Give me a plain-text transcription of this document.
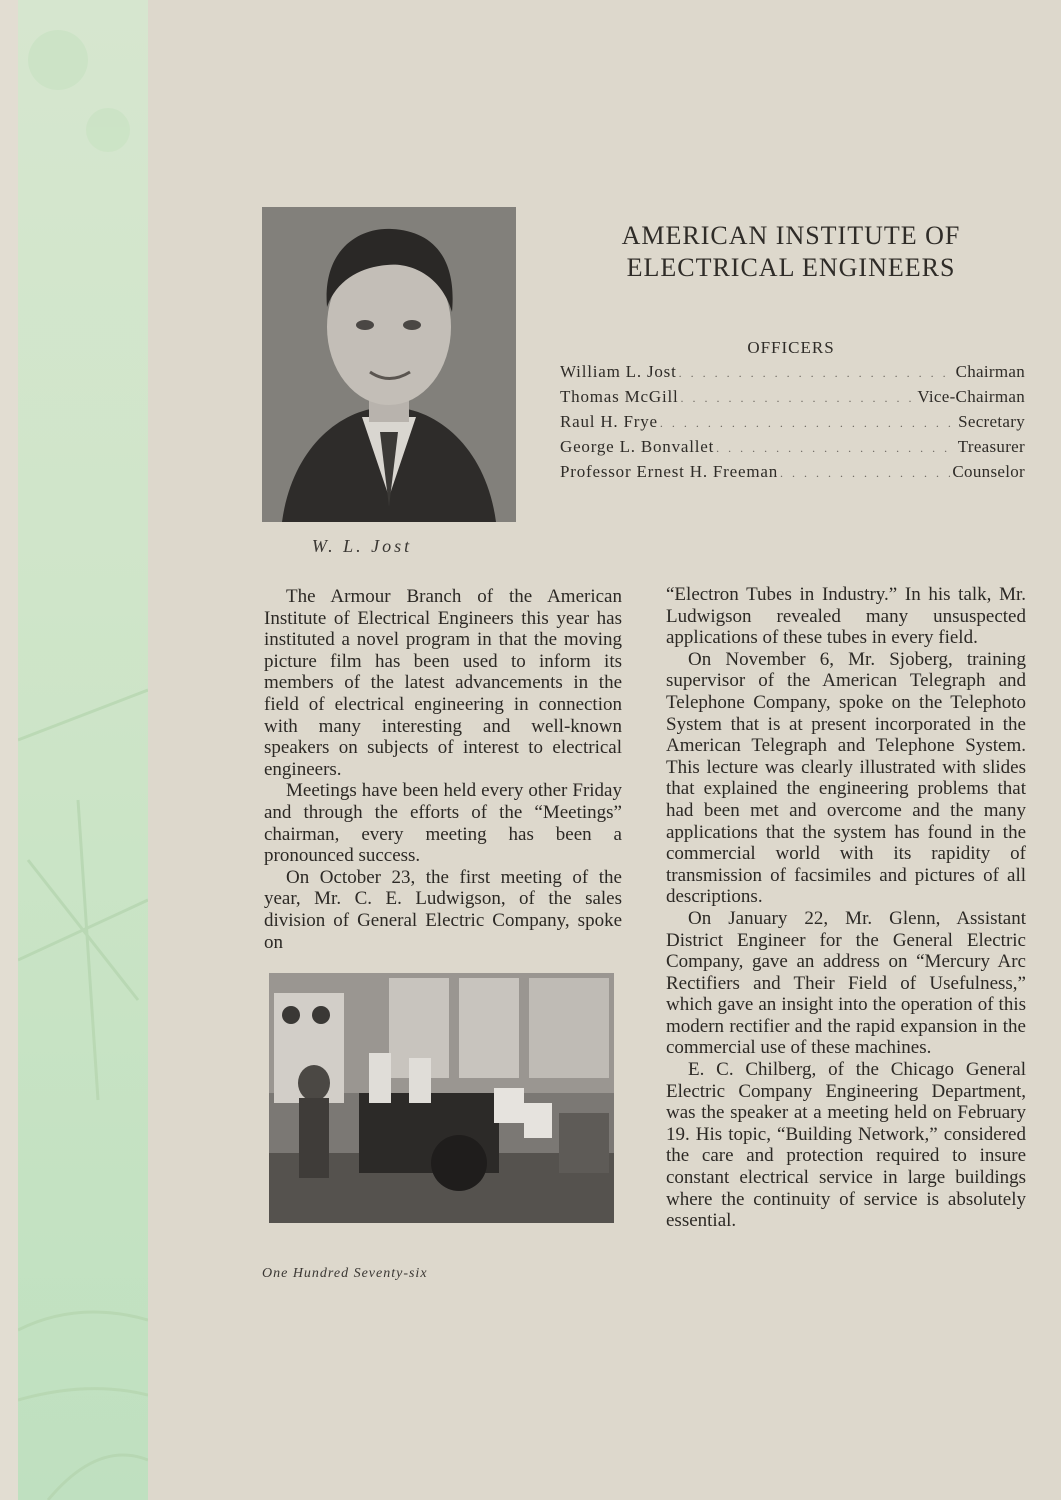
W. L. Jost
AMERICAN INSTITUTE OF
ELECTRICAL ENGINEERS
OFFICERS
William L. Jost . . .	Chairman
Thomas McGill . . .	Vice-Chairman
Raul H. Frye . . .	Secretary
George L. Bonvallet . . .	Treasurer
Professor Ernest H. Freeman . . .	Counselor

The Armour Branch of the American Institute of Electrical Engineers this year has instituted a novel program in that the moving picture film has been used to inform its members of the latest advancements in the field of electrical engineering in connection with many interesting and well-known speakers on subjects of interest to electrical engineers.

Meetings have been held every other Friday and through the efforts of the “Meetings” chairman, every meeting has been a pronounced success.

On October 23, the first meeting of the year, Mr. C. E. Ludwigson, of the sales division of General Electric Company, spoke on

“Electron Tubes in Industry.” In his talk, Mr. Ludwigson revealed many unsuspected applications of these tubes in every field.

On November 6, Mr. Sjoberg, training supervisor of the American Telegraph and Telephone Company, spoke on the Telephoto System that is at present incorporated in the American Telegraph and Telephone System. This lecture was clearly illustrated with slides that explained the engineering problems that had been met and overcome and the many applications that the system has found in the commercial world with its rapidity of transmission of facsimiles and pictures of all descriptions.

On January 22, Mr. Glenn, Assistant District Engineer for the General Electric Company, gave an address on “Mercury Arc Rectifiers and Their Field of Usefulness,” which gave an insight into the operation of this modern rectifier and the rapid expansion in the commercial use of these machines.

E. C. Chilberg, of the Chicago General Electric Company Engineering Department, was the speaker at a meeting held on February 19. His topic, “Building Network,” considered the care and protection required to insure constant electrical service in large buildings where the continuity of service is absolutely essential.

One Hundred Seventy-six
